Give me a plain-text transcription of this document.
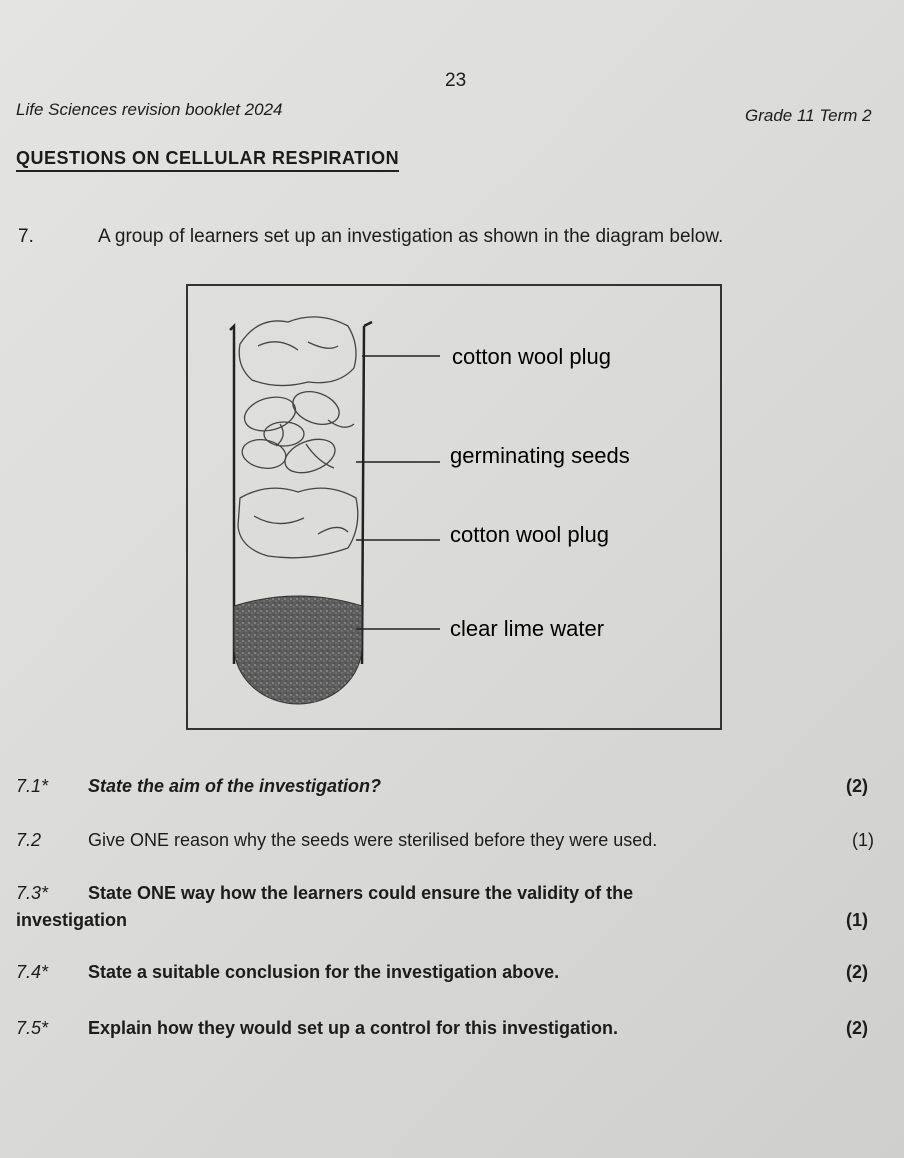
23
Life Sciences revision booklet 2024	Grade 11 Term 2
QUESTIONS ON CELLULAR RESPIRATION
7.	A group of learners set up an investigation as shown in the diagram below.
cotton wool plug
germinating seeds
cotton wool plug
clear lime water
7.1* State the aim of the investigation?	(2)
7.2	Give ONE reason why the seeds were sterilised before they were used.	(1)
7.3* State ONE way how the learners could ensure the validity of the
investigation	(1)
7.4* State a suitable conclusion for the investigation above.	(2)
7.5* Explain how they would set up a control for this investigation.	(2)
